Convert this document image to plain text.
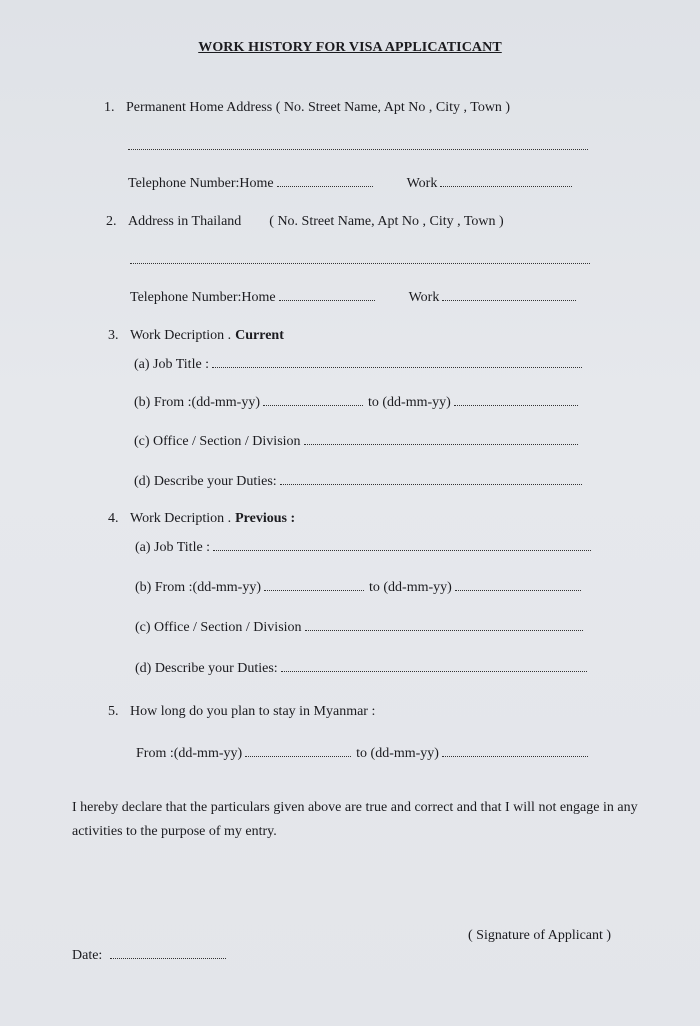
WORK HISTORY FOR VISA APPLICATICANT
1. Permanent Home Address ( No. Street Name, Apt No , City , Town )
Telephone Number:Home	Work
2. Address in Thailand ( No. Street Name, Apt No , City , Town )
Telephone Number:Home	Work
3. Work Decription . Current
(a) Job Title :
(b) From :(dd-mm-yy)	to (dd-mm-yy)
(c) Office / Section / Division
(d) Describe your Duties:
4. Work Decription . Previous :
(a) Job Title :
(b) From :(dd-mm-yy)	to (dd-mm-yy)
(c) Office / Section / Division
(d) Describe your Duties:
5. How long do you plan to stay in Myanmar :
From :(dd-mm-yy)	to (dd-mm-yy)
I hereby declare that the particulars given above are true and correct and that I will not engage in any activities to the purpose of my entry.
( Signature of Applicant )
Date:
